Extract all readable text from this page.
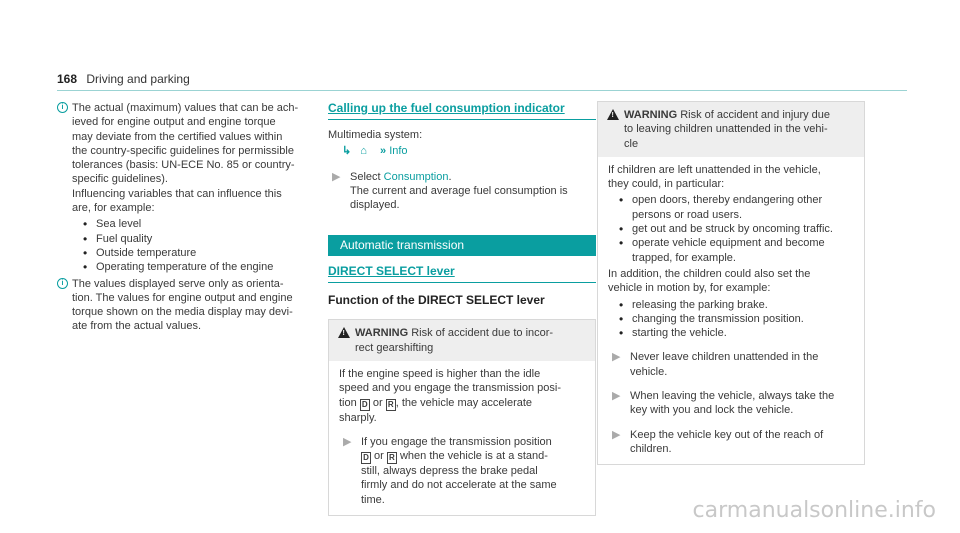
168 Driving and parking
i The actual (maximum) values that can be ach-
ieved for engine output and engine torque
may deviate from the certified values within
the country-specific guidelines for permissible
tolerances (basis: UN-ECE No. 85 or country-
specific guidelines).
Influencing variables that can influence this
are, for example:
• Sea level
• Fuel quality
• Outside temperature
• Operating temperature of the engine
i The values displayed serve only as orienta-
tion. The values for engine output and engine
torque shown on the media display may devi-
ate from the actual values.
Calling up the fuel consumption indicator
Multimedia system:
↳ ⌂ » Info
▶ Select Consumption.
The current and average fuel consumption is
displayed.
Automatic transmission
DIRECT SELECT lever
Function of the DIRECT SELECT lever
! WARNING Risk of accident due to incor-
rect gearshifting
If the engine speed is higher than the idle
speed and you engage the transmission posi-
tion D or R , the vehicle may accelerate
sharply.
▶ If you engage the transmission position
D or R when the vehicle is at a stand-
still, always depress the brake pedal
firmly and do not accelerate at the same
time.
! WARNING Risk of accident and injury due
to leaving children unattended in the vehi-
cle
If children are left unattended in the vehicle,
they could, in particular:
• open doors, thereby endangering other
persons or road users.
• get out and be struck by oncoming traffic.
• operate vehicle equipment and become
trapped, for example.
In addition, the children could also set the
vehicle in motion by, for example:
• releasing the parking brake.
• changing the transmission position.
• starting the vehicle.
▶ Never leave children unattended in the
vehicle.
▶ When leaving the vehicle, always take the
key with you and lock the vehicle.
▶ Keep the vehicle key out of the reach of
children.
carmanualsonline.info
